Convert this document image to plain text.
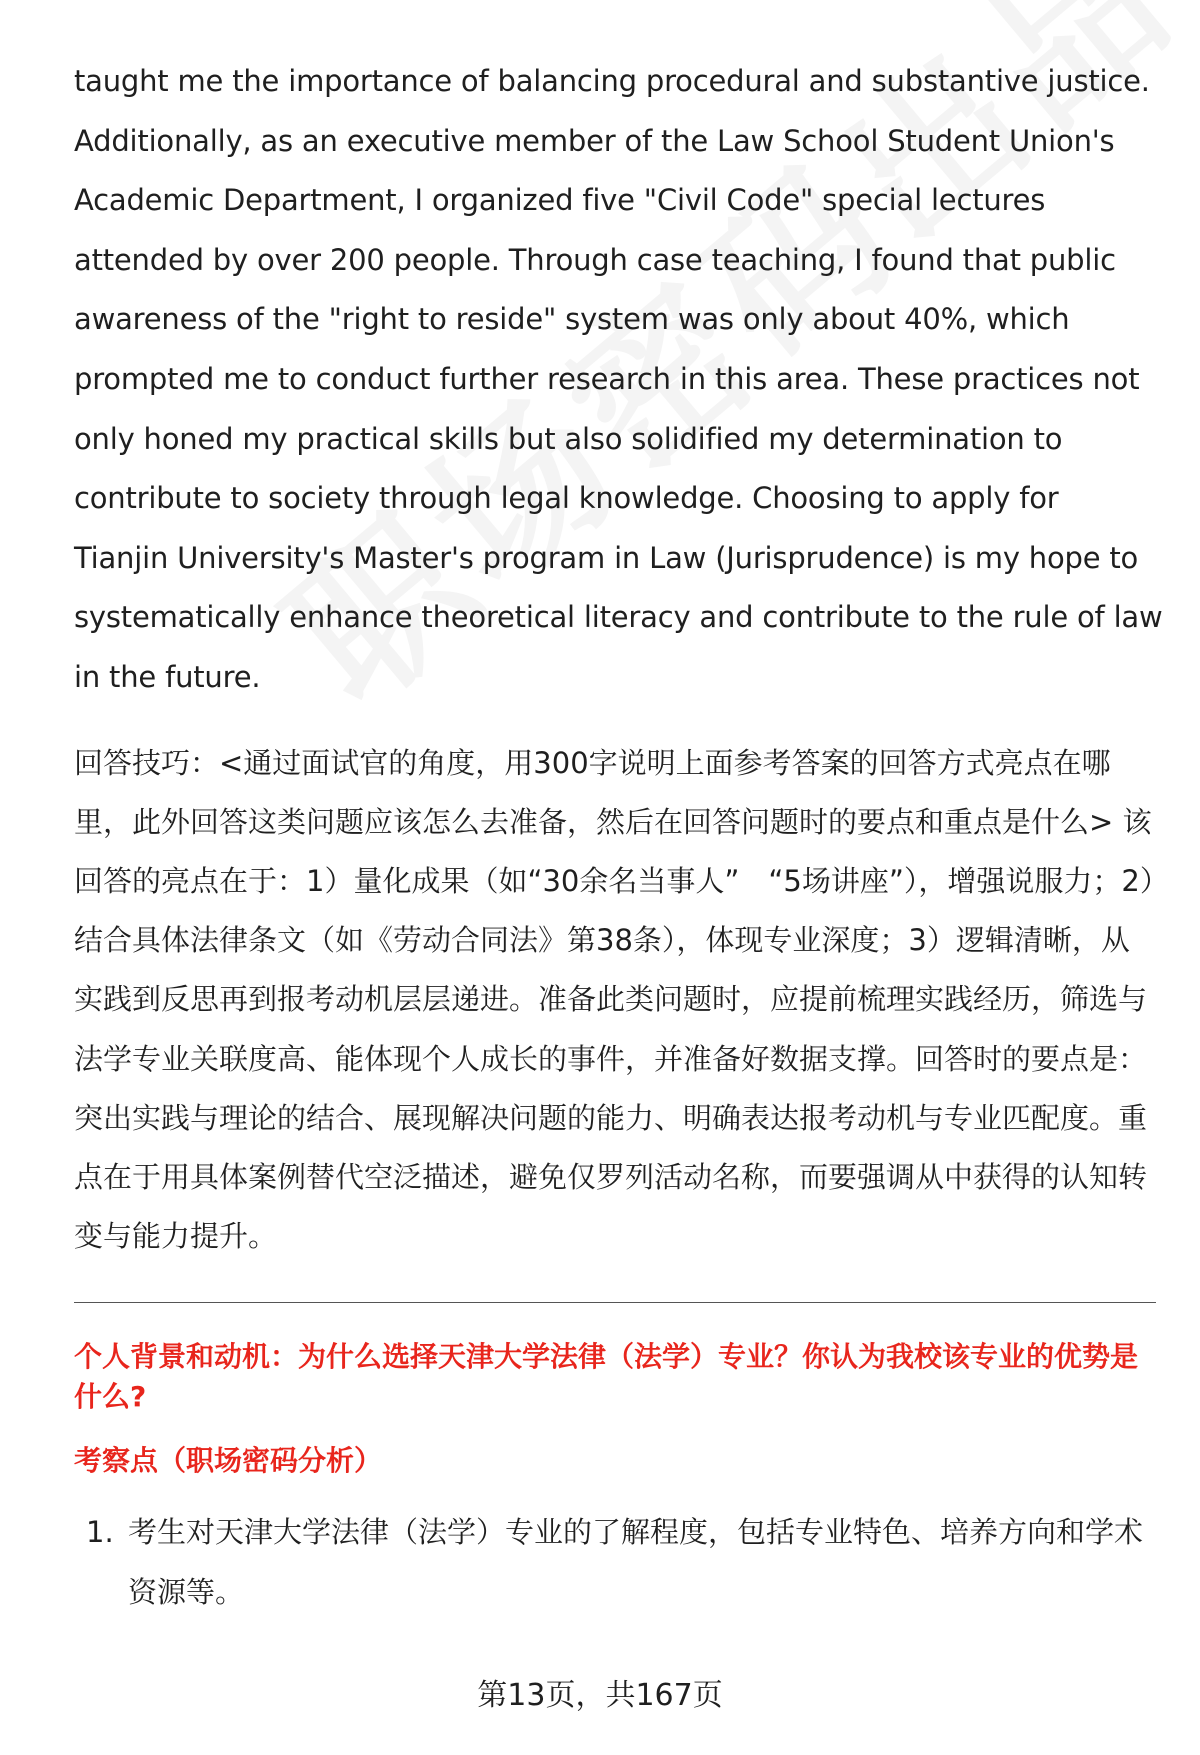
taught me the importance of balancing procedural and substantive justice.
Additionally, as an executive member of the Law School Student Union's
Academic Department, I organized five "Civil Code" special lectures
attended by over 200 people. Through case teaching, I found that public
awareness of the "right to reside" system was only about 40%, which
prompted me to conduct further research in this area. These practices not
only honed my practical skills but also solidified my determination to
contribute to society through legal knowledge. Choosing to apply for
Tianjin University's Master's program in Law (Jurisprudence) is my hope to
systematically enhance theoretical literacy and contribute to the rule of law
in the future.

回答技巧：<通过面试官的角度，用300字说明上面参考答案的回答方式亮点在哪里，此外回答这类问题应该怎么去准备，然后在回答问题时的要点和重点是什么> 该回答的亮点在于：1）量化成果（如“30余名当事人”　“5场讲座”），增强说服力；2）结合具体法律条文（如《劳动合同法》第38条），体现专业深度；3）逻辑清晰，从实践到反思再到报考动机层层递进。准备此类问题时，应提前梳理实践经历，筛选与法学专业关联度高、能体现个人成长的事件，并准备好数据支撑。回答时的要点是：突出实践与理论的结合、展现解决问题的能力、明确表达报考动机与专业匹配度。重点在于用具体案例替代空泛描述，避免仅罗列活动名称，而要强调从中获得的认知转变与能力提升。

个人背景和动机：为什么选择天津大学法律（法学）专业？你认为我校该专业的优势是什么?
考察点（职场密码分析）
1. 考生对天津大学法律（法学）专业的了解程度，包括专业特色、培养方向和学术资源等。
第13页，共167页
